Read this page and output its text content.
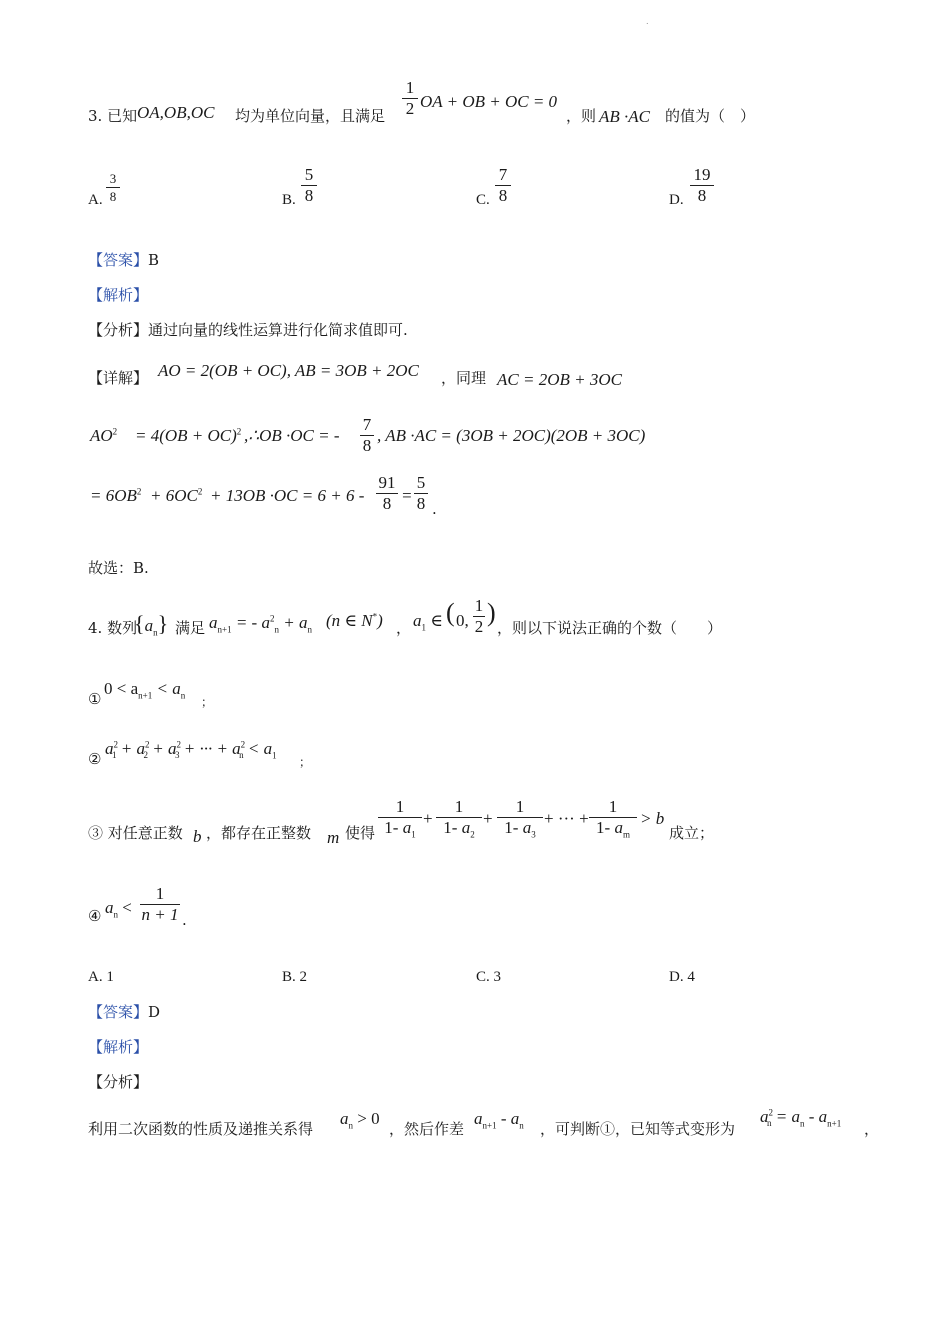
.
3. 已知 OA,OB,OC 均为单位向量，且满足 $\frac{1}{2}$ OA + OB + OC = 0
，则 AB ·AC 的值为（　）
A. $\frac{3}{8}$	B. $\frac{5}{8}$	C. $\frac{7}{8}$	D. $\frac{19}{8}$
【答案】B
【解析】
【分析】通过向量的线性运算进行化简求值即可.
【详解】 AO = 2(OB + OC), AB = 3OB + 2OC ，同理 AC = 2OB + 3OC
$AO^2 = 4(OB + OC)^2$ ,∴OB ·OC = - $\frac{7}{8}$ , AB ·AC = (3OB + 2OC)(2OB + 3OC)
= $6OB^2 + 6OC^2 + 13OB \cdot OC = 6 + 6 - \frac{91}{8} = \frac{5}{8}$ .
故选：B.
4. 数列
$\{a_n\}$ 满足 $a_{n+1}$ = - $a^2_n + a_n$ (n ∈ N*) ， $a_1$ ∈ ( 0, $\frac{1}{2}$ )
，则以下说法正确的个数（　　）
①
$0 < a_{n+1} < a_n$ ；
②
$a^2_1 + a^2_2 + a^2_3$ + ··· + $a^2_n < a_1$ ；
③ 对任意正数 b ，都存在正整数 m 使得 $\frac{1}{1- a_1} + \frac{1}{1- a_2} + \frac{1}{1- a_3}$ + ··· + $\frac{1}{1- a_m} > b$
成立；
④ $a_n < \frac{1}{n + 1}$ .
A. 1	B. 2	C. 3	D. 4
【答案】D
【解析】
【分析】
利用二次函数的性质及递推关系得
$a_n > 0$
，然后作差
$a_{n+1} - a_n$ ，可判断①，已知等式变形为
$a^2_n = a_n - a_{n+1}$ ，
